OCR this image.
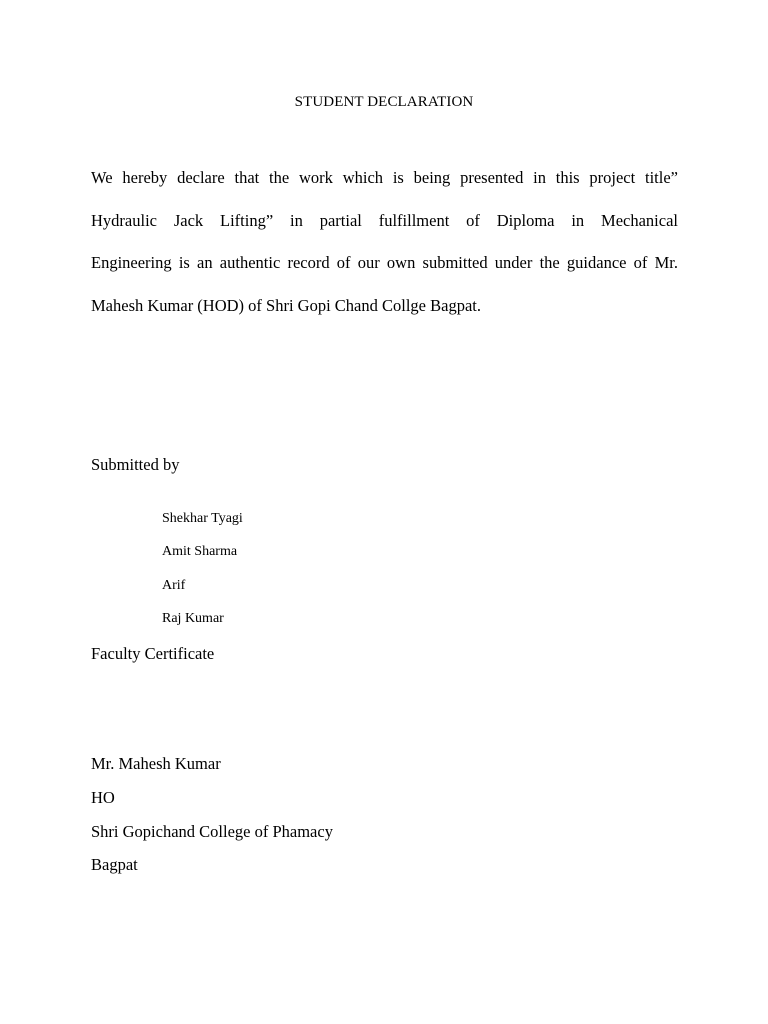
STUDENT DECLARATION
We hereby declare that the work which is being presented in this project title”
Hydraulic Jack Lifting” in partial fulfillment of Diploma in Mechanical
Engineering is an authentic record of our own submitted under the guidance of Mr.
Mahesh Kumar (HOD) of Shri Gopi Chand Collge Bagpat.
Submitted by
Shekhar Tyagi
Amit Sharma
Arif
Raj Kumar
Faculty Certificate
Mr. Mahesh Kumar
HO
Shri Gopichand College of Phamacy
Bagpat
